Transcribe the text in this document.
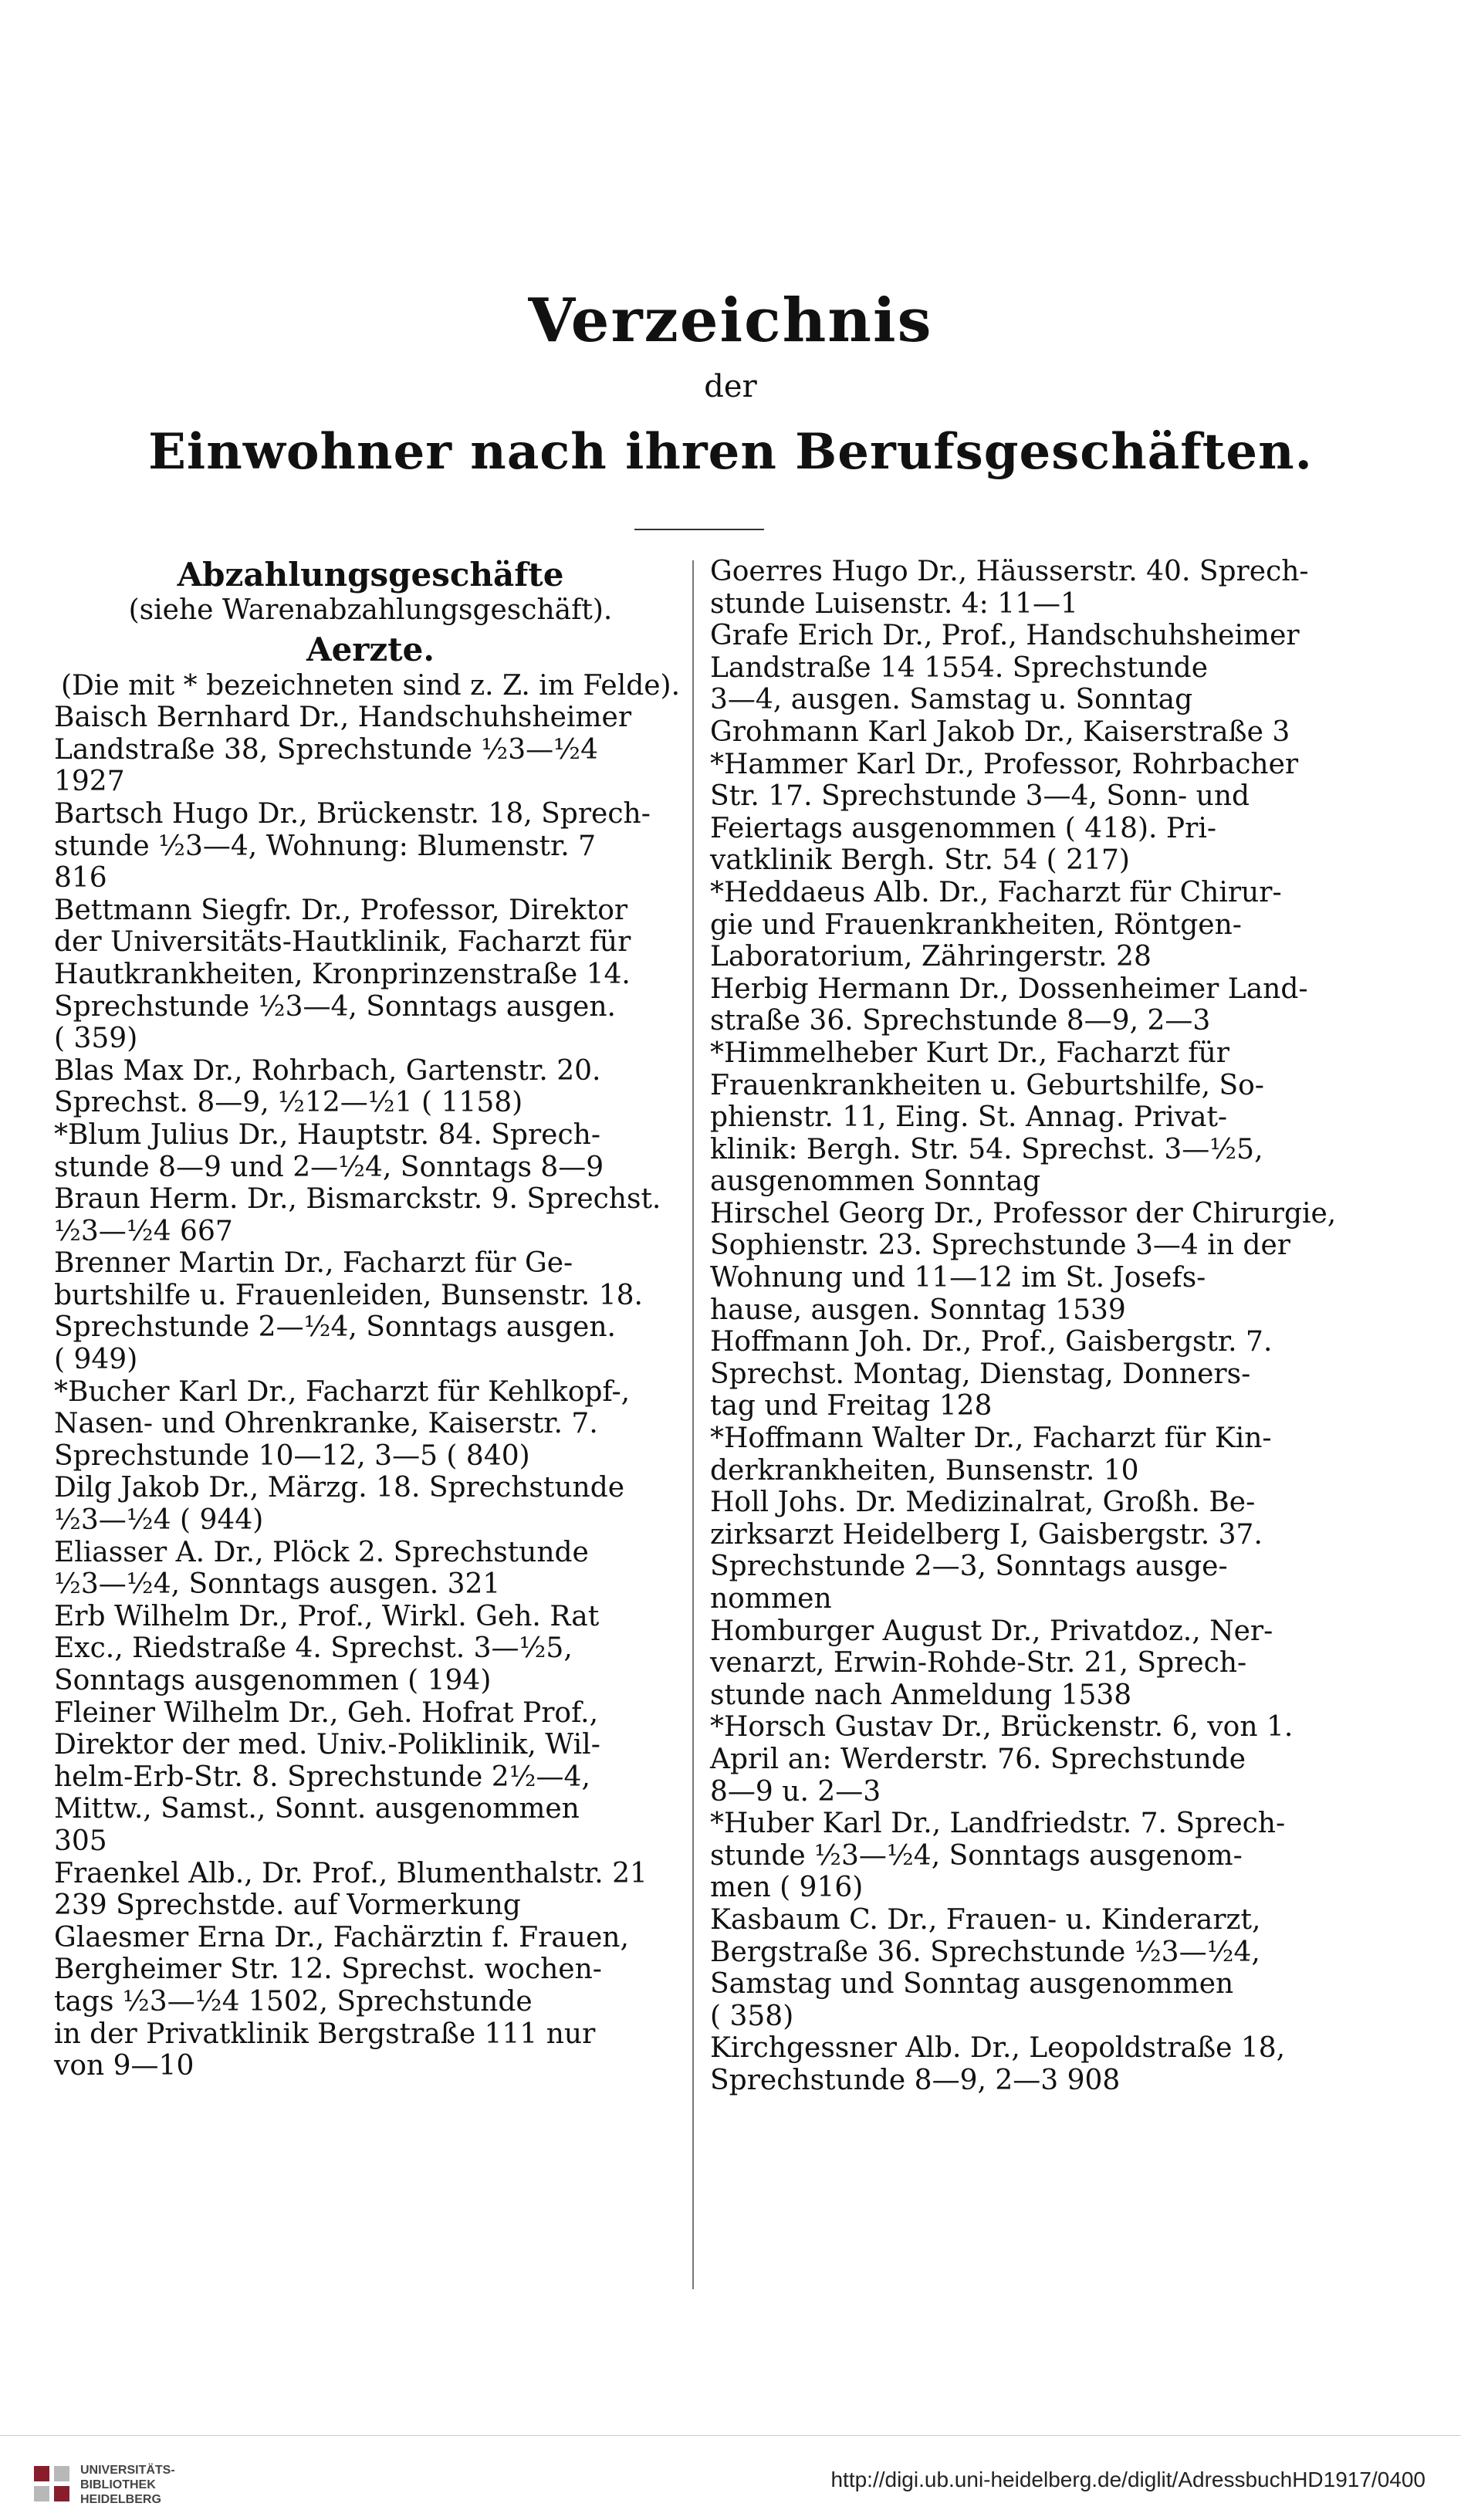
Verzeichnis
der
Einwohner nach ihren Berufsgeschäften.
Abzahlungsgeschäfte
(siehe Warenabzahlungsgeschäft).
Aerzte.
(Die mit * bezeichneten sind z. Z. im Felde).
Baisch Bernhard Dr., Handschuhsheimer
Landstraße 38, Sprechstunde ½3—½4
1927
Bartsch Hugo Dr., Brückenstr. 18, Sprech-
stunde ½3—4, Wohnung: Blumenstr. 7
816
Bettmann Siegfr. Dr., Professor, Direktor
der Universitäts-Hautklinik, Facharzt für
Hautkrankheiten, Kronprinzenstraße 14.
Sprechstunde ½3—4, Sonntags ausgen.
( 359)
Blas Max Dr., Rohrbach, Gartenstr. 20.
Sprechst. 8—9, ½12—½1 ( 1158)
*Blum Julius Dr., Hauptstr. 84. Sprech-
stunde 8—9 und 2—½4, Sonntags 8—9
Braun Herm. Dr., Bismarckstr. 9. Sprechst.
½3—½4 667
Brenner Martin Dr., Facharzt für Ge-
burtshilfe u. Frauenleiden, Bunsenstr. 18.
Sprechstunde 2—½4, Sonntags ausgen.
( 949)
*Bucher Karl Dr., Facharzt für Kehlkopf-,
Nasen- und Ohrenkranke, Kaiserstr. 7.
Sprechstunde 10—12, 3—5 ( 840)
Dilg Jakob Dr., Märzg. 18. Sprechstunde
½3—½4 ( 944)
Eliasser A. Dr., Plöck 2. Sprechstunde
½3—½4, Sonntags ausgen. 321
Erb Wilhelm Dr., Prof., Wirkl. Geh. Rat
Exc., Riedstraße 4. Sprechst. 3—½5,
Sonntags ausgenommen ( 194)
Fleiner Wilhelm Dr., Geh. Hofrat Prof.,
Direktor der med. Univ.-Poliklinik, Wil-
helm-Erb-Str. 8. Sprechstunde 2½—4,
Mittw., Samst., Sonnt. ausgenommen
305
Fraenkel Alb., Dr. Prof., Blumenthalstr. 21
239 Sprechstde. auf Vormerkung
Glaesmer Erna Dr., Fachärztin f. Frauen,
Bergheimer Str. 12. Sprechst. wochen-
tags ½3—½4 1502, Sprechstunde
in der Privatklinik Bergstraße 111 nur
von 9—10
Goerres Hugo Dr., Häusserstr. 40. Sprech-
stunde Luisenstr. 4: 11—1
Grafe Erich Dr., Prof., Handschuhsheimer
Landstraße 14 1554. Sprechstunde
3—4, ausgen. Samstag u. Sonntag
Grohmann Karl Jakob Dr., Kaiserstraße 3
*Hammer Karl Dr., Professor, Rohrbacher
Str. 17. Sprechstunde 3—4, Sonn- und
Feiertags ausgenommen ( 418). Pri-
vatklinik Bergh. Str. 54 ( 217)
*Heddaeus Alb. Dr., Facharzt für Chirur-
gie und Frauenkrankheiten, Röntgen-
Laboratorium, Zähringerstr. 28
Herbig Hermann Dr., Dossenheimer Land-
straße 36. Sprechstunde 8—9, 2—3
*Himmelheber Kurt Dr., Facharzt für
Frauenkrankheiten u. Geburtshilfe, So-
phienstr. 11, Eing. St. Annag. Privat-
klinik: Bergh. Str. 54. Sprechst. 3—½5,
ausgenommen Sonntag
Hirschel Georg Dr., Professor der Chirurgie,
Sophienstr. 23. Sprechstunde 3—4 in der
Wohnung und 11—12 im St. Josefs-
hause, ausgen. Sonntag 1539
Hoffmann Joh. Dr., Prof., Gaisbergstr. 7.
Sprechst. Montag, Dienstag, Donners-
tag und Freitag 128
*Hoffmann Walter Dr., Facharzt für Kin-
derkrankheiten, Bunsenstr. 10
Holl Johs. Dr. Medizinalrat, Großh. Be-
zirksarzt Heidelberg I, Gaisbergstr. 37.
Sprechstunde 2—3, Sonntags ausge-
nommen
Homburger August Dr., Privatdoz., Ner-
venarzt, Erwin-Rohde-Str. 21, Sprech-
stunde nach Anmeldung 1538
*Horsch Gustav Dr., Brückenstr. 6, von 1.
April an: Werderstr. 76. Sprechstunde
8—9 u. 2—3
*Huber Karl Dr., Landfriedstr. 7. Sprech-
stunde ½3—½4, Sonntags ausgenom-
men ( 916)
Kasbaum C. Dr., Frauen- u. Kinderarzt,
Bergstraße 36. Sprechstunde ½3—½4,
Samstag und Sonntag ausgenommen
( 358)
Kirchgessner Alb. Dr., Leopoldstraße 18,
Sprechstunde 8—9, 2—3 908
UNIVERSITÄTS-
BIBLIOTHEK
HEIDELBERG
http://digi.ub.uni-heidelberg.de/diglit/AdressbuchHD1917/0400
